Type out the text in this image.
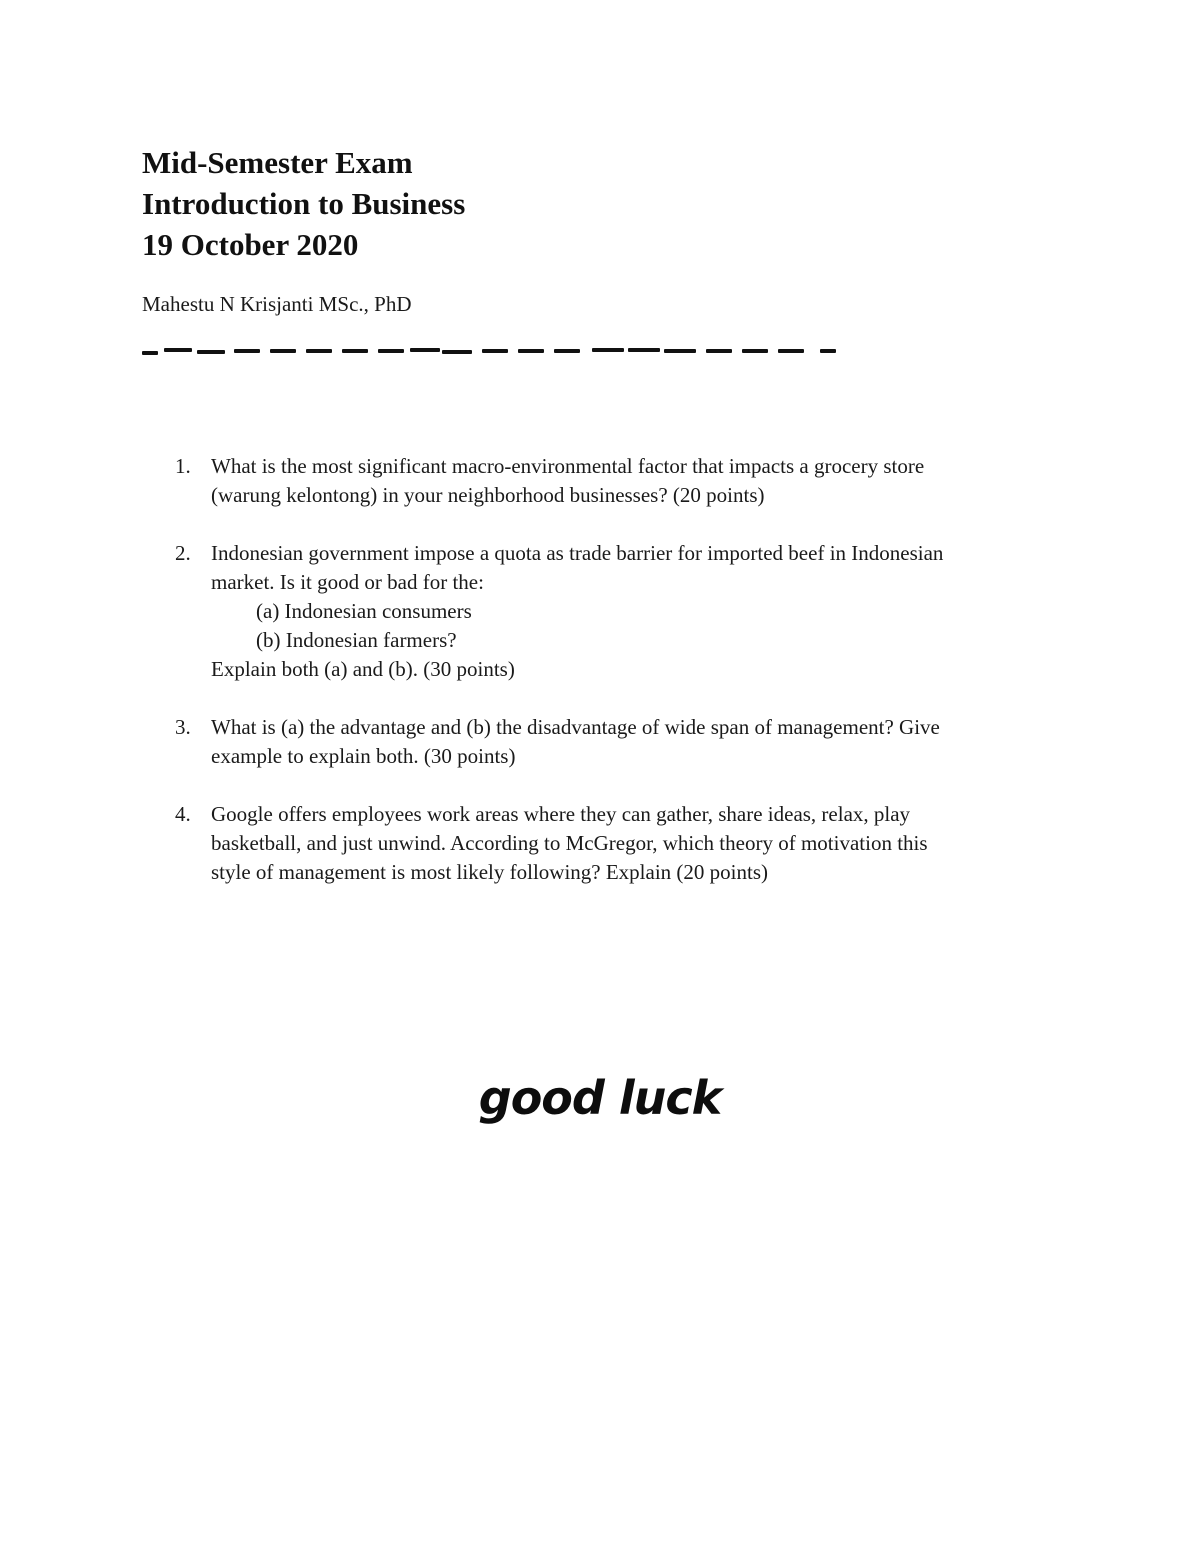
Mid-Semester Exam
Introduction to Business
19 October 2020
Mahestu N Krisjanti MSc., PhD
1. What is the most significant macro-environmental factor that impacts a grocery store
(warung kelontong) in your neighborhood businesses? (20 points)
2. Indonesian government impose a quota as trade barrier for imported beef in Indonesian
market. Is it good or bad for the:
(a) Indonesian consumers
(b) Indonesian farmers?
Explain both (a) and (b). (30 points)
3. What is (a) the advantage and (b) the disadvantage of wide span of management? Give
example to explain both. (30 points)
4. Google offers employees work areas where they can gather, share ideas, relax, play
basketball, and just unwind. According to McGregor, which theory of motivation this
style of management is most likely following? Explain (20 points)
good luck
